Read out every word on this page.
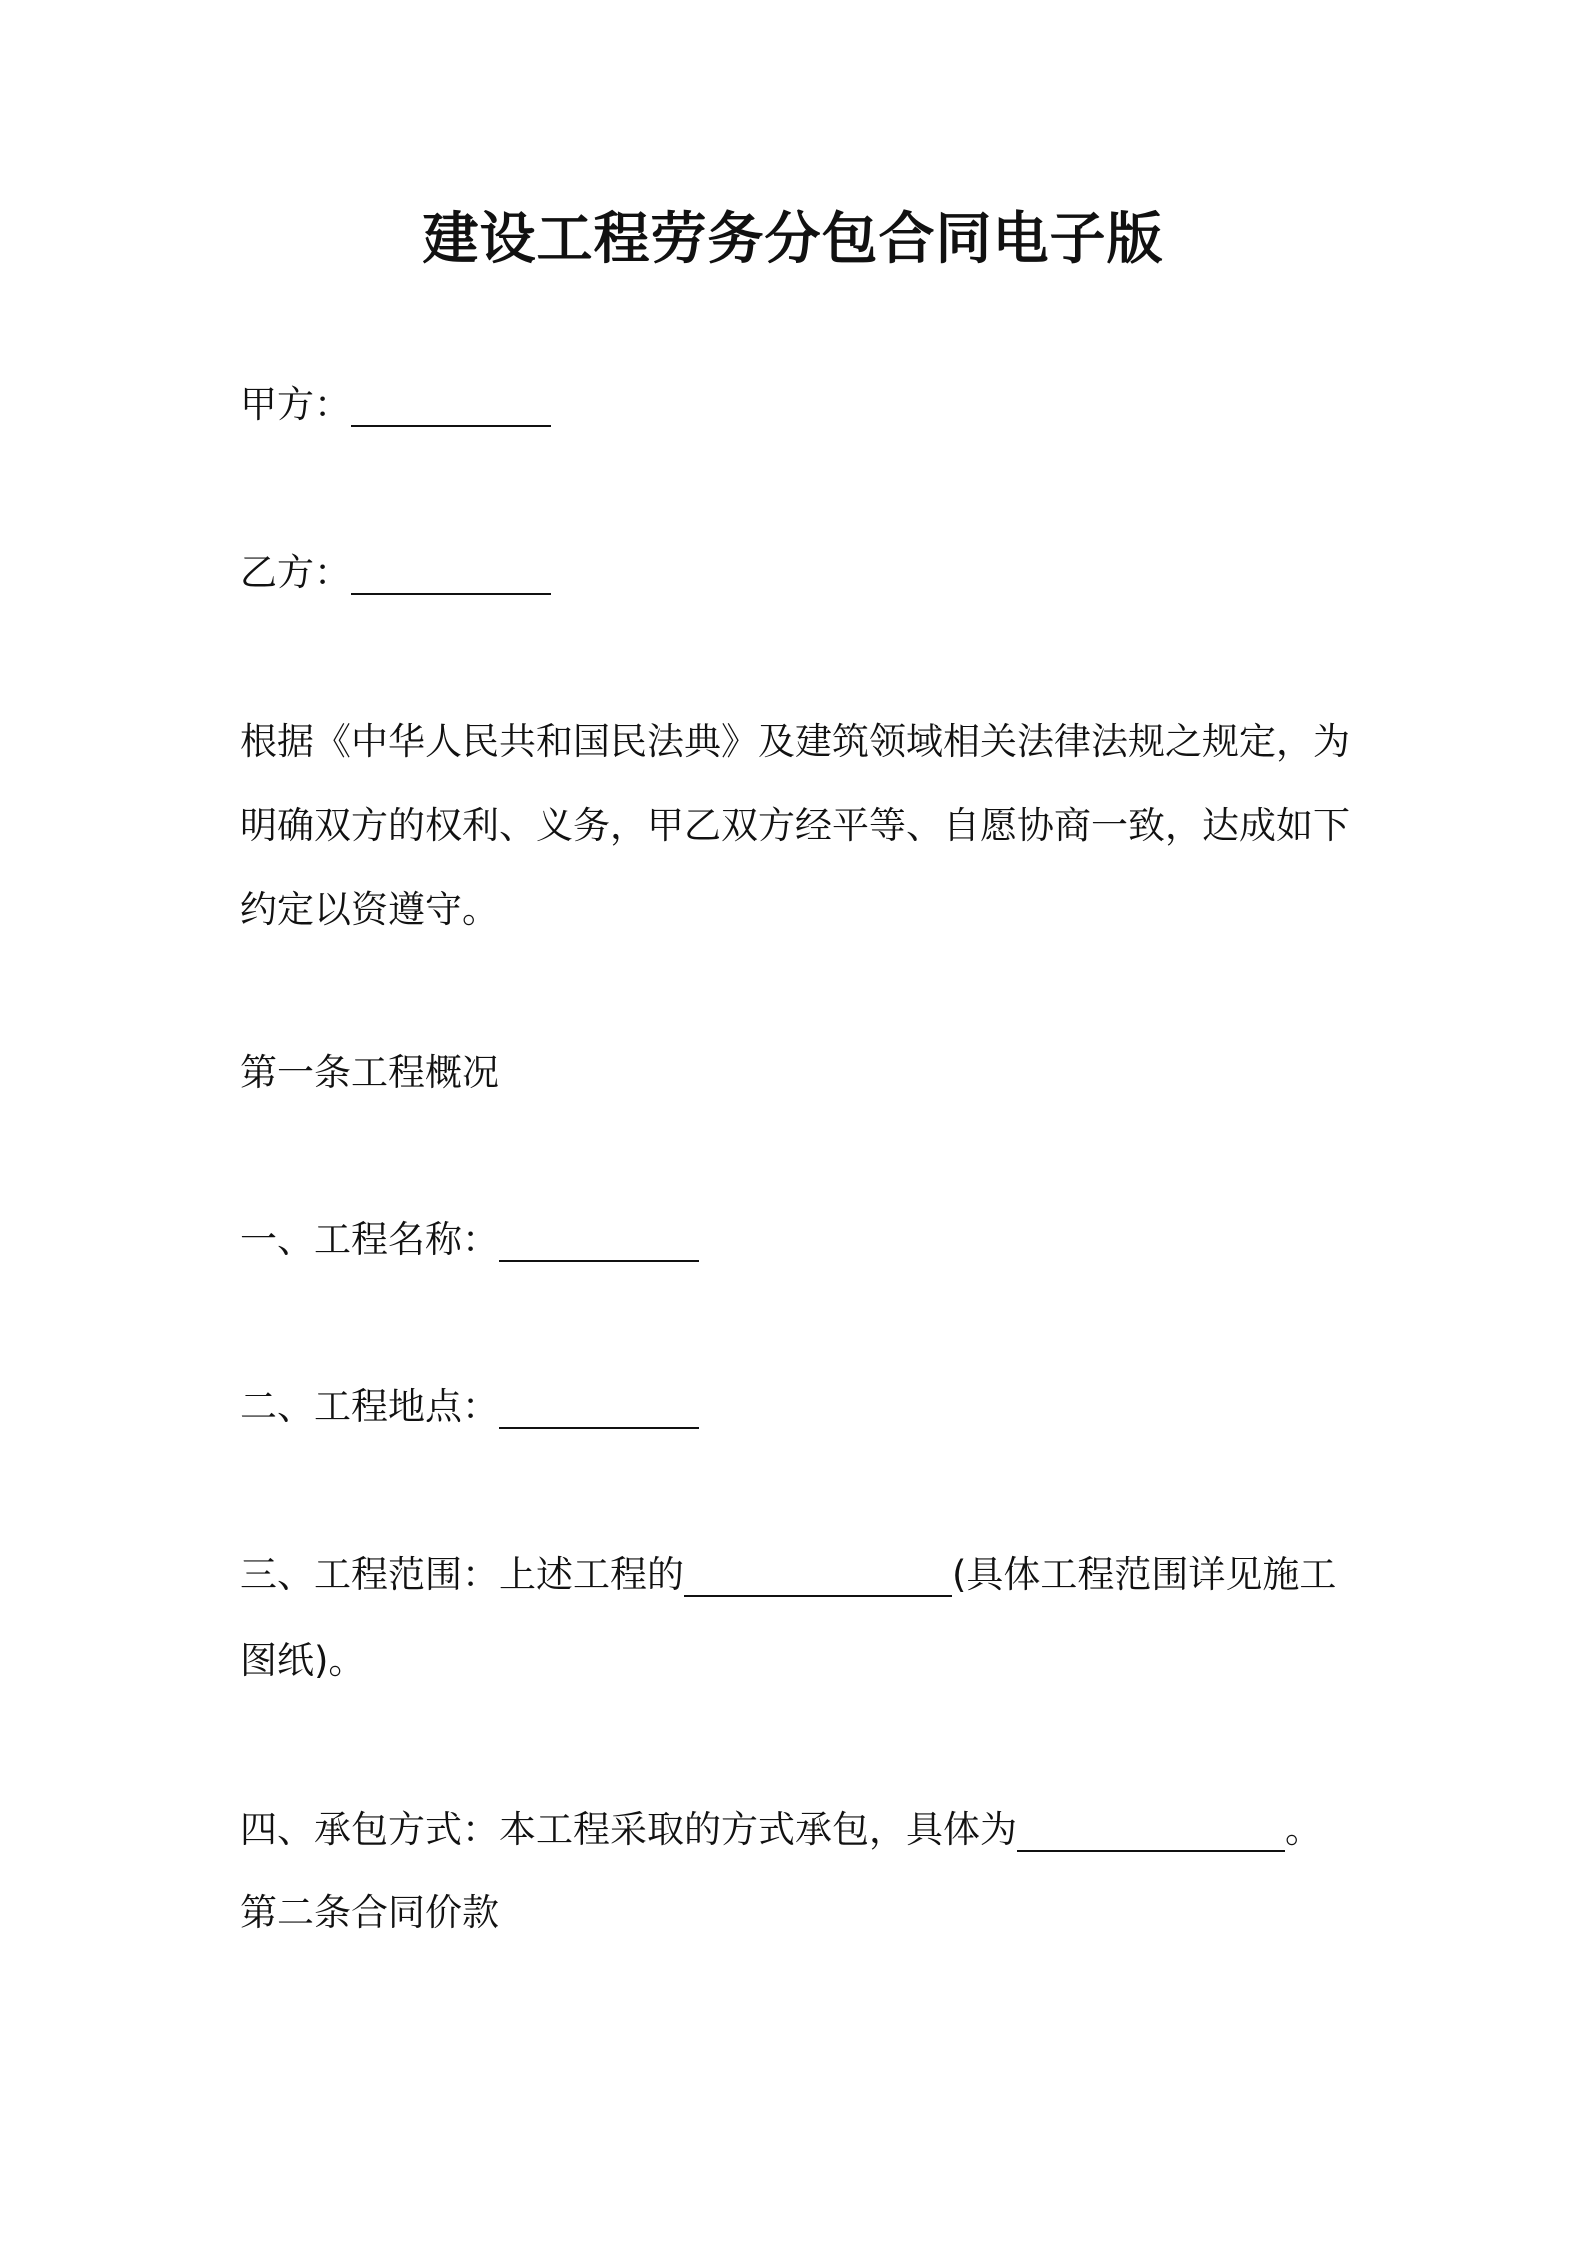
建设工程劳务分包合同电子版

甲方：

乙方：

根据《中华人民共和国民法典》及建筑领域相关法律法规之规定，为
明确双方的权利、义务，甲乙双方经平等、自愿协商一致，达成如下
约定以资遵守。

第一条工程概况

一、工程名称：

二、工程地点：

三、工程范围：上述工程的	(具体工程范围详见施工

图纸)。

四、承包方式：本工程采取的方式承包，具体为	。

第二条合同价款
